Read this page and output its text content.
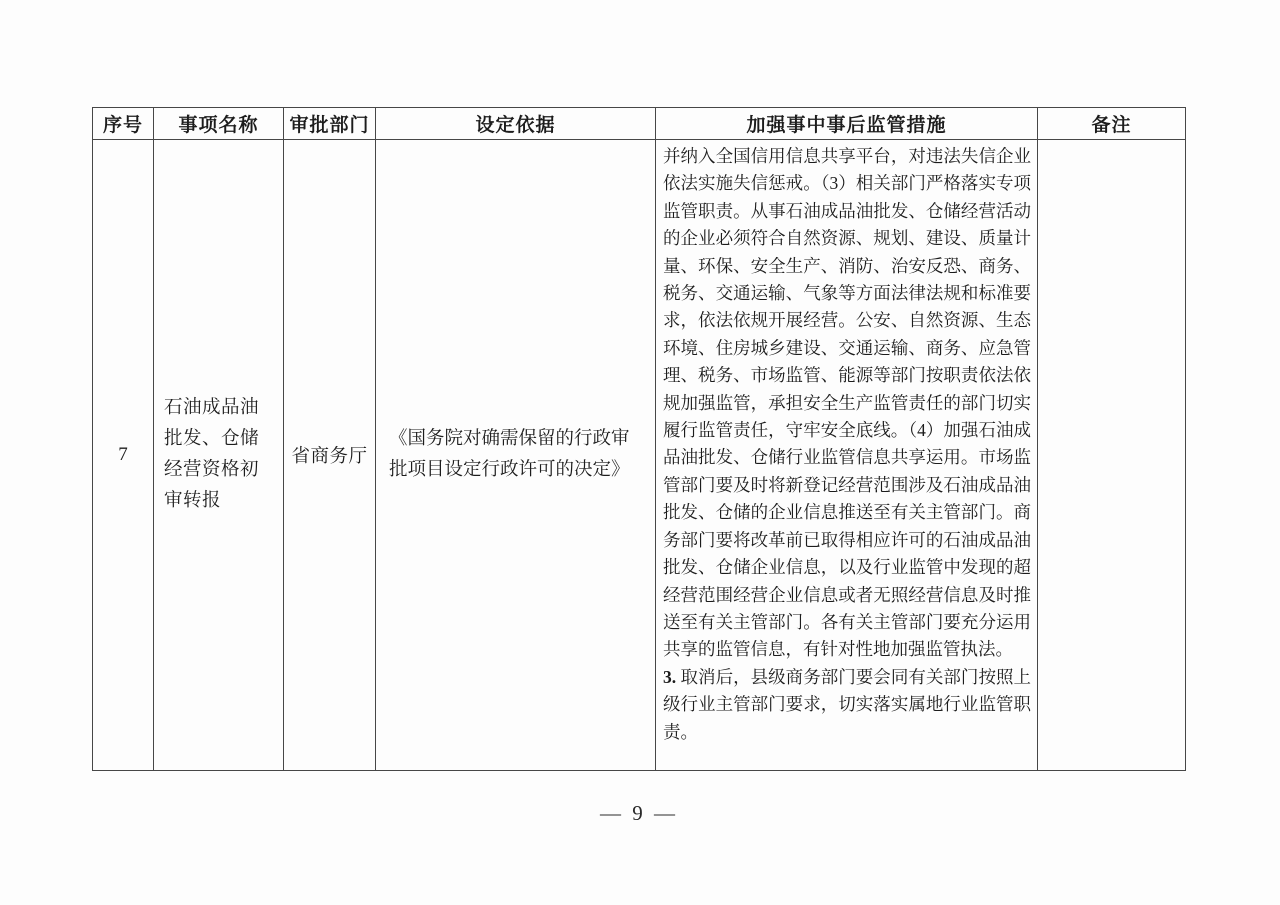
序号	事项名称	审批部门	设定依据	加强事中事后监管措施	备注
7	石油成品油批发、仓储经营资格初审转报	省商务厅	《国务院对确需保留的行政审批项目设定行政许可的决定》	并纳入全国信用信息共享平台，对违法失信企业依法实施失信惩戒。（3）相关部门严格落实专项监管职责。从事石油成品油批发、仓储经营活动的企业必须符合自然资源、规划、建设、质量计量、环保、安全生产、消防、治安反恐、商务、税务、交通运输、气象等方面法律法规和标准要求，依法依规开展经营。公安、自然资源、生态环境、住房城乡建设、交通运输、商务、应急管理、税务、市场监管、能源等部门按职责依法依规加强监管，承担安全生产监管责任的部门切实履行监管责任，守牢安全底线。（4）加强石油成品油批发、仓储行业监管信息共享运用。市场监管部门要及时将新登记经营范围涉及石油成品油批发、仓储的企业信息推送至有关主管部门。商务部门要将改革前已取得相应许可的石油成品油批发、仓储企业信息，以及行业监管中发现的超经营范围经营企业信息或者无照经营信息及时推送至有关主管部门。各有关主管部门要充分运用共享的监管信息，有针对性地加强监管执法。

3. 取消后，县级商务部门要会同有关部门按照上级行业主管部门要求，切实落实属地行业监管职责。	

— 9 —
